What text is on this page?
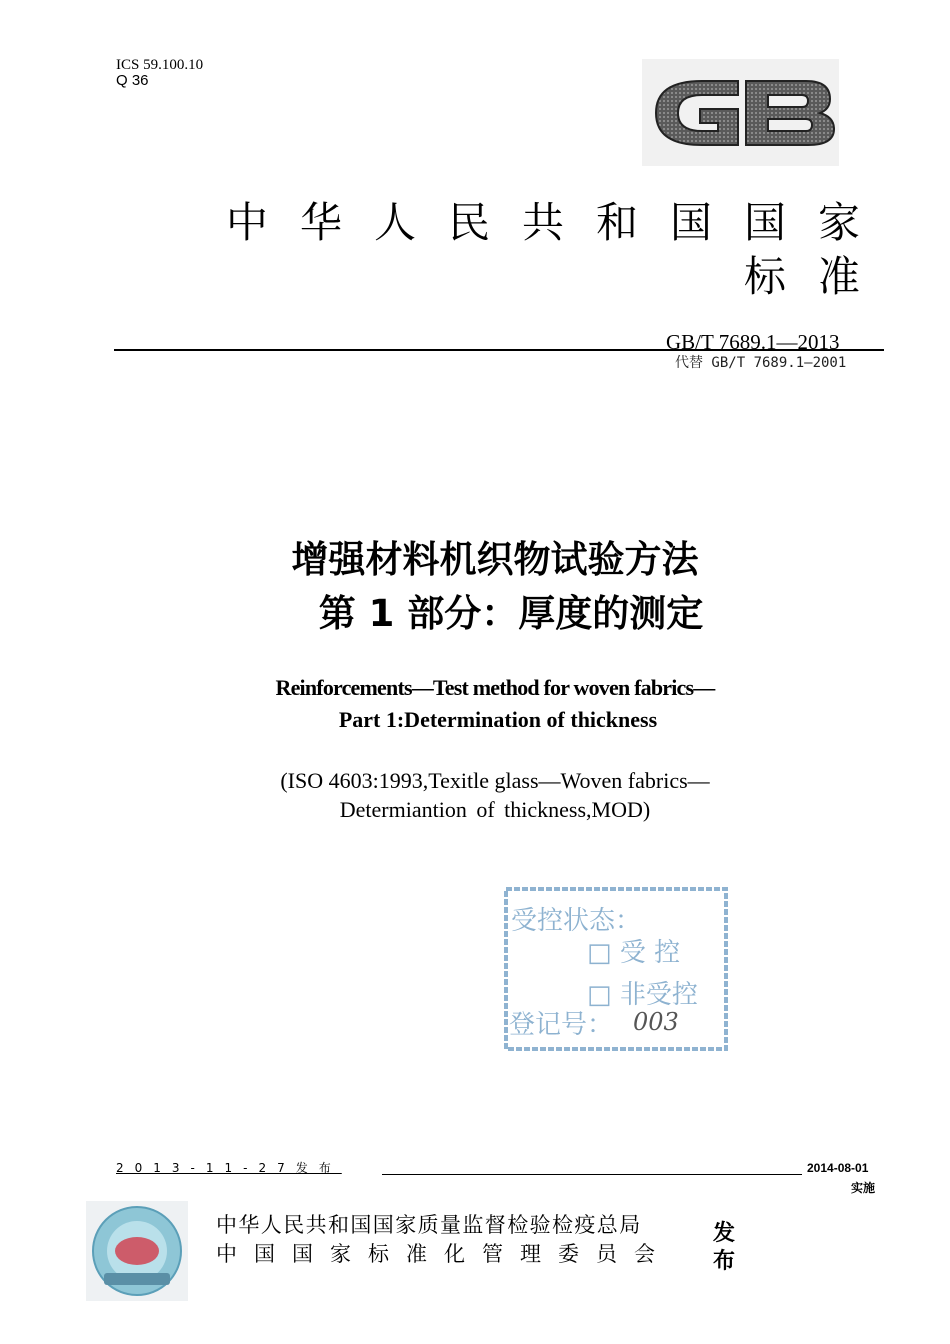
ICS 59.100.10
Q 36
中华人民共和国国家标准
GB/T 7689.1—2013
代替 GB/T 7689.1—2001
增强材料机织物试验方法
第 1 部分：厚度的测定
Reinforcements—Test method for woven fabrics—
Part 1:Determination of thickness
(ISO 4603:1993,Texitle glass—Woven fabrics—
Determiantion of thickness,MOD)
受控状态：
□ 受 控
□ 非受控
登记号： 003
2013-11-27发布	2014-08-01
实施
中华人民共和国国家质量监督检验检疫总局
中国国家标准化管理委员会
发布
